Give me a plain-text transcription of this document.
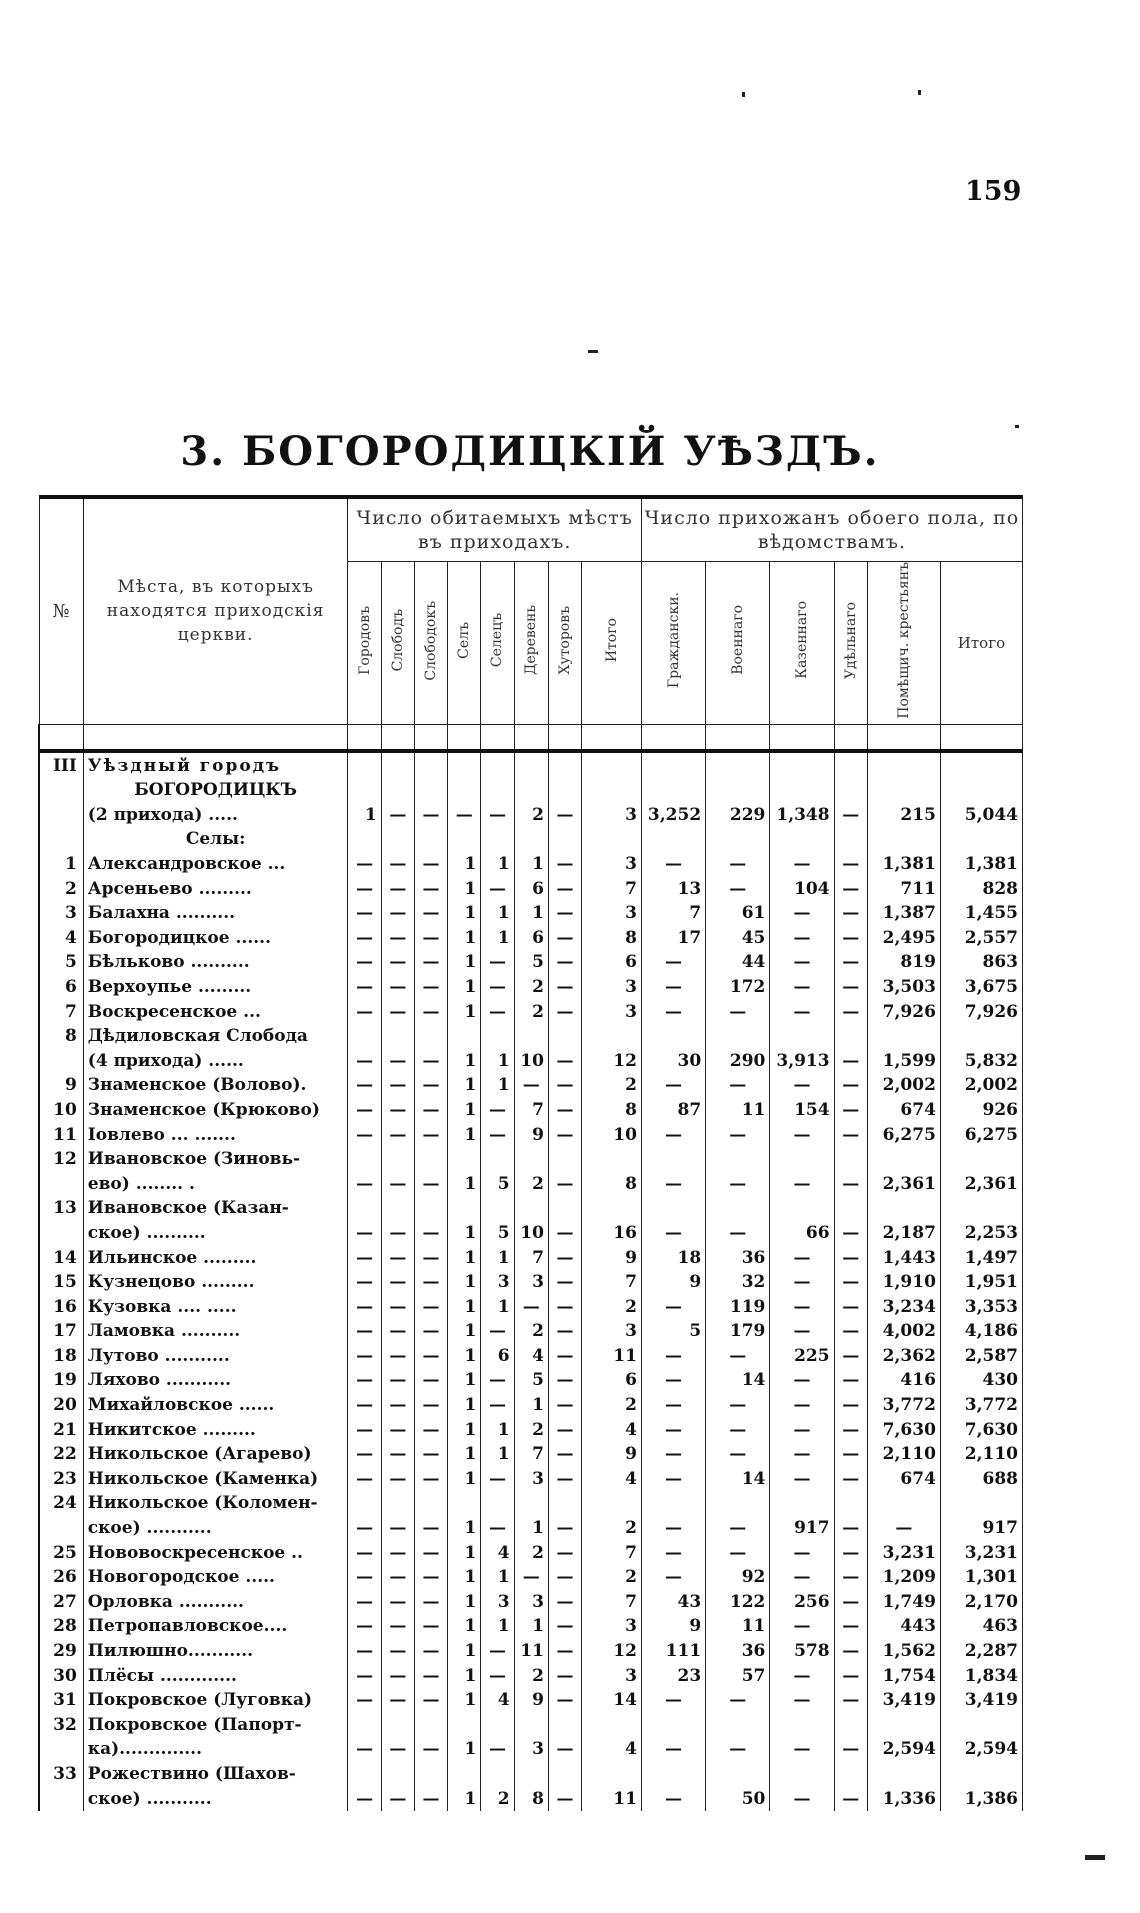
159
3. БОГОРОДИЦКІЙ УѢЗДЪ.
№	Мѣста, въ которыхъ находятся приходскія церкви.	Число обитаемыхъ мѣстъ въ приходахъ.								Число прихожанъ обоего пола, по вѣдомствамъ.					
		Городовъ	Слободъ	Слободокъ	Селъ	Селецъ	Деревень	Хуторовъ	Итого	Граждански.	Военнаго	Казеннаго	Удѣльнаго	Помѣщич. крестьянъ	Итого

III	Уѣздный городъ														
	БОГОРОДИЦКЪ														
	(2 прихода) .....	1	—	—	—	—	2	—	3	3,252	229	1,348	—	215	5,044
	Селы:														
1	Александровское ...	—	—	—	1	1	1	—	3	—	—	—	—	1,381	1,381
2	Арсеньево .........	—	—	—	1	—	6	—	7	13	—	104	—	711	828
3	Балахна ..........	—	—	—	1	1	1	—	3	7	61	—	—	1,387	1,455
4	Богородицкое ......	—	—	—	1	1	6	—	8	17	45	—	—	2,495	2,557
5	Бѣльково ..........	—	—	—	1	—	5	—	6	—	44	—	—	819	863
6	Верхоупье .........	—	—	—	1	—	2	—	3	—	172	—	—	3,503	3,675
7	Воскресенское ...	—	—	—	1	—	2	—	3	—	—	—	—	7,926	7,926
8	Дѣдиловская Слобода														
	(4 прихода) ......	—	—	—	1	1	10	—	12	30	290	3,913	—	1,599	5,832
9	Знаменское (Волово).	—	—	—	1	1	—	—	2	—	—	—	—	2,002	2,002
10	Знаменское (Крюково)	—	—	—	1	—	7	—	8	87	11	154	—	674	926
11	Іовлево ... .......	—	—	—	1	—	9	—	10	—	—	—	—	6,275	6,275
12	Ивановское (Зиновь-														
	ево) ........ .	—	—	—	1	5	2	—	8	—	—	—	—	2,361	2,361
13	Ивановское (Казан-														
	ское) ..........	—	—	—	1	5	10	—	16	—	—	66	—	2,187	2,253
14	Ильинское .........	—	—	—	1	1	7	—	9	18	36	—	—	1,443	1,497
15	Кузнецово .........	—	—	—	1	3	3	—	7	9	32	—	—	1,910	1,951
16	Кузовка .... .....	—	—	—	1	1	—	—	2	—	119	—	—	3,234	3,353
17	Ламовка ..........	—	—	—	1	—	2	—	3	5	179	—	—	4,002	4,186
18	Лутово ...........	—	—	—	1	6	4	—	11	—	—	225	—	2,362	2,587
19	Ляхово ...........	—	—	—	1	—	5	—	6	—	14	—	—	416	430
20	Михайловское ......	—	—	—	1	—	1	—	2	—	—	—	—	3,772	3,772
21	Никитское .........	—	—	—	1	1	2	—	4	—	—	—	—	7,630	7,630
22	Никольское (Агарево)	—	—	—	1	1	7	—	9	—	—	—	—	2,110	2,110
23	Никольское (Каменка)	—	—	—	1	—	3	—	4	—	14	—	—	674	688
24	Никольское (Коломен-														
	ское) ...........	—	—	—	1	—	1	—	2	—	—	917	—	—	917
25	Нововоскресенское ..	—	—	—	1	4	2	—	7	—	—	—	—	3,231	3,231
26	Новогородское .....	—	—	—	1	1	—	—	2	—	92	—	—	1,209	1,301
27	Орловка ...........	—	—	—	1	3	3	—	7	43	122	256	—	1,749	2,170
28	Петропавловское....	—	—	—	1	1	1	—	3	9	11	—	—	443	463
29	Пилюшно...........	—	—	—	1	—	11	—	12	111	36	578	—	1,562	2,287
30	Плёсы .............	—	—	—	1	—	2	—	3	23	57	—	—	1,754	1,834
31	Покровское (Луговка)	—	—	—	1	4	9	—	14	—	—	—	—	3,419	3,419
32	Покровское (Папорт-														
	ка)..............	—	—	—	1	—	3	—	4	—	—	—	—	2,594	2,594
33	Рожествино (Шахов-														
	ское) ...........	—	—	—	1	2	8	—	11	—	50	—	—	1,336	1,386
